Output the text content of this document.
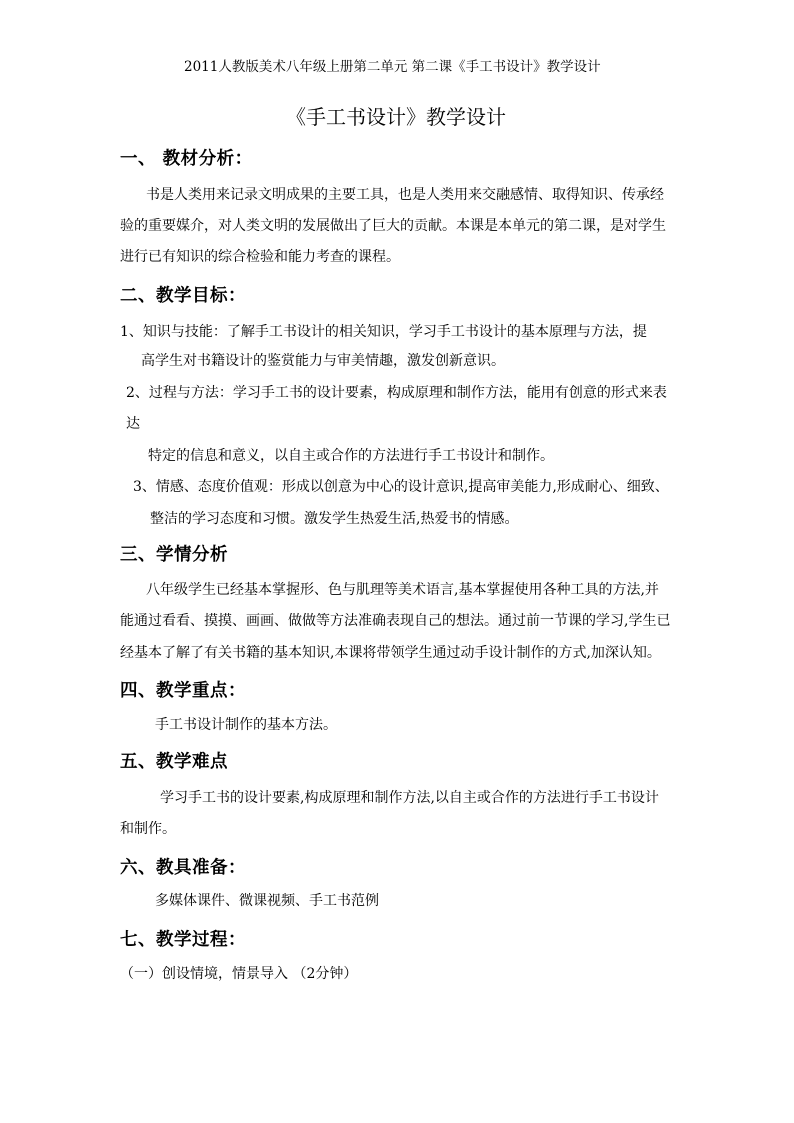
2011人教版美术八年级上册第二单元 第二课《手工书设计》教学设计
《手工书设计》教学设计
一、 教材分析：
书是人类用来记录文明成果的主要工具，也是人类用来交融感情、取得知识、传承经
验的重要媒介，对人类文明的发展做出了巨大的贡献。本课是本单元的第二课，是对学生
进行已有知识的综合检验和能力考查的课程。
二、教学目标：
1、知识与技能：了解手工书设计的相关知识，学习手工书设计的基本原理与方法，提
高学生对书籍设计的鉴赏能力与审美情趣，激发创新意识。
2、过程与方法：学习手工书的设计要素，构成原理和制作方法，能用有创意的形式来表
达
特定的信息和意义，以自主或合作的方法进行手工书设计和制作。
3、情感、态度价值观：形成以创意为中心的设计意识,提高审美能力,形成耐心、细致、
整洁的学习态度和习惯。激发学生热爱生活,热爱书的情感。
三、学情分析
八年级学生已经基本掌握形、色与肌理等美术语言,基本掌握使用各种工具的方法,并
能通过看看、摸摸、画画、做做等方法准确表现自己的想法。通过前一节课的学习,学生已
经基本了解了有关书籍的基本知识,本课将带领学生通过动手设计制作的方式,加深认知。
四、教学重点：
手工书设计制作的基本方法。
五、教学难点
学习手工书的设计要素,构成原理和制作方法,以自主或合作的方法进行手工书设计
和制作。
六、教具准备：
多媒体课件、微课视频、手工书范例
七、教学过程：
（一）创设情境，情景导入 （2分钟）
